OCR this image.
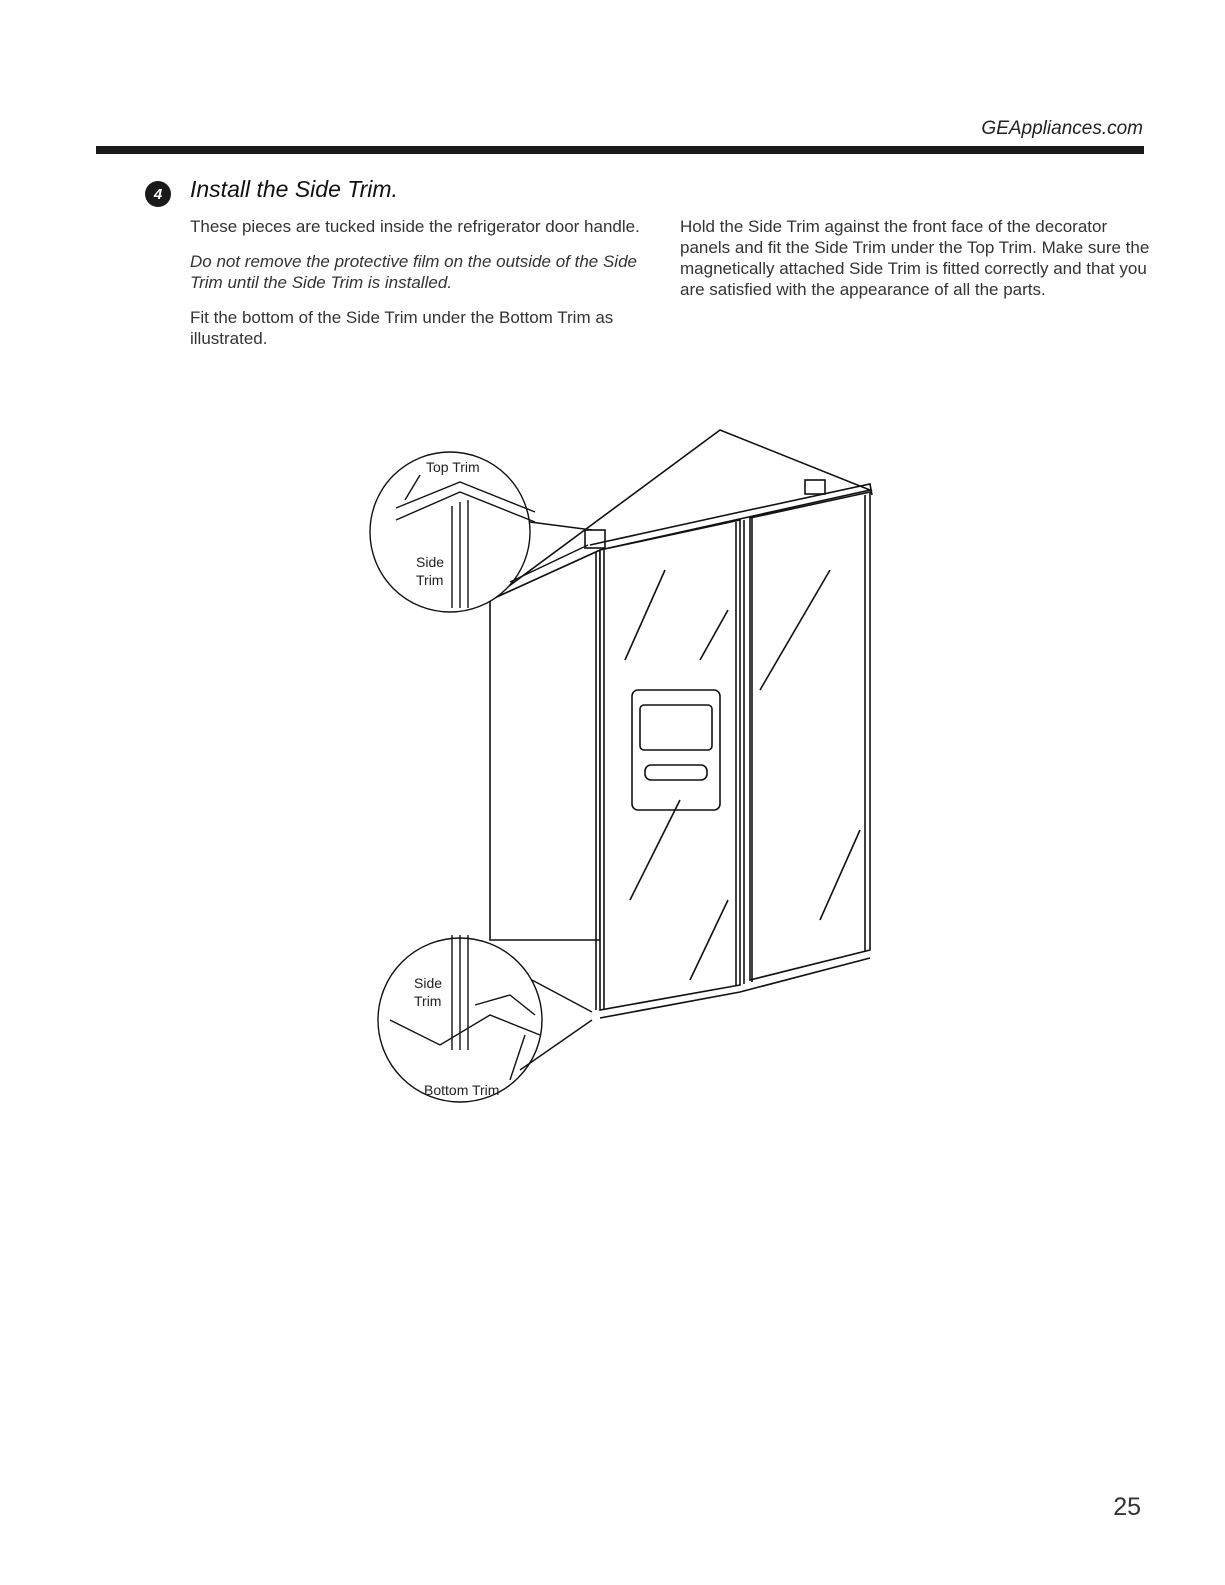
GEAppliances.com
4	Install the Side Trim.

These pieces are tucked inside the refrigerator door handle.

Do not remove the protective film on the outside of the Side Trim until the Side Trim is installed.

Fit the bottom of the Side Trim under the Bottom Trim as illustrated.

Hold the Side Trim against the front face of the decorator panels and fit the Side Trim under the Top Trim. Make sure the magnetically attached Side Trim is fitted correctly and that you are satisfied with the appearance of all the parts.

Top Trim
Side
Trim
Side
Trim
Bottom Trim
25
